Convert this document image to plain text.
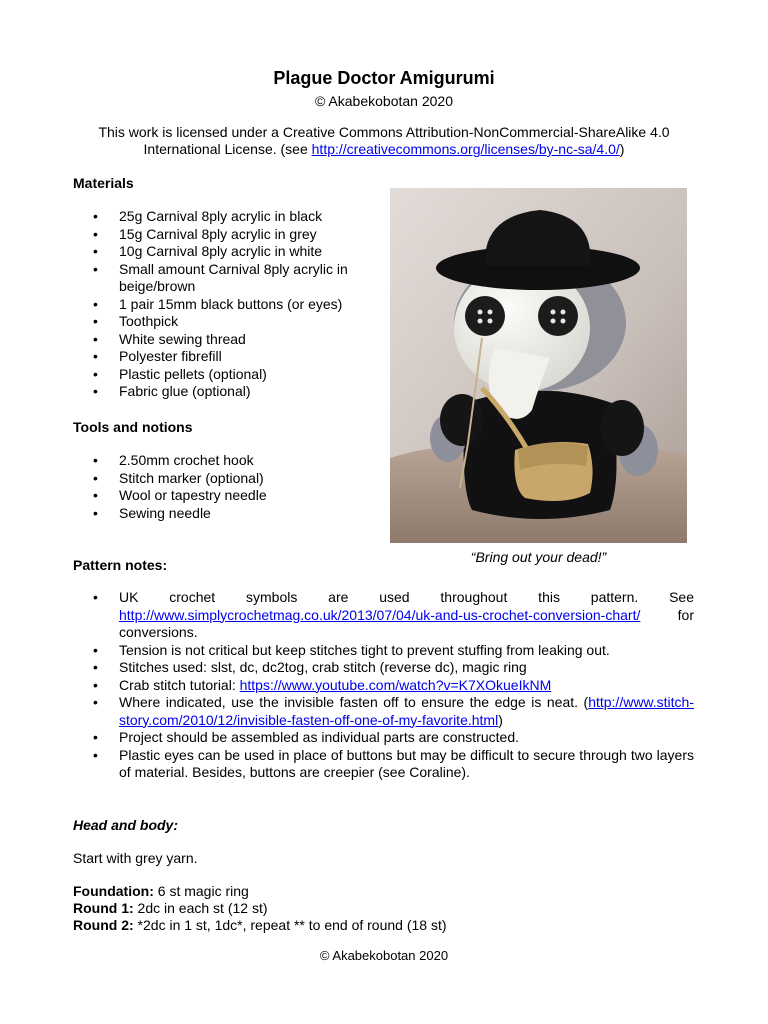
Plague Doctor Amigurumi
© Akabekobotan 2020
This work is licensed under a Creative Commons Attribution-NonCommercial-ShareAlike 4.0 International License. (see http://creativecommons.org/licenses/by-nc-sa/4.0/)
Materials
• 25g Carnival 8ply acrylic in black
• 15g Carnival 8ply acrylic in grey
• 10g Carnival 8ply acrylic in white
• Small amount Carnival 8ply acrylic in beige/brown
• 1 pair 15mm black buttons (or eyes)
• Toothpick
• White sewing thread
• Polyester fibrefill
• Plastic pellets (optional)
• Fabric glue (optional)
Tools and notions
• 2.50mm crochet hook
• Stitch marker (optional)
• Wool or tapestry needle
• Sewing needle
“Bring out your dead!”
Pattern notes:
• UK crochet symbols are used throughout this pattern. See http://www.simplycrochetmag.co.uk/2013/07/04/uk-and-us-crochet-conversion-chart/ for conversions.
• Tension is not critical but keep stitches tight to prevent stuffing from leaking out.
• Stitches used: slst, dc, dc2tog, crab stitch (reverse dc), magic ring
• Crab stitch tutorial: https://www.youtube.com/watch?v=K7XOkueIkNM
• Where indicated, use the invisible fasten off to ensure the edge is neat. (http://www.stitch-story.com/2010/12/invisible-fasten-off-one-of-my-favorite.html)
• Project should be assembled as individual parts are constructed.
• Plastic eyes can be used in place of buttons but may be difficult to secure through two layers of material. Besides, buttons are creepier (see Coraline).
Head and body:
Start with grey yarn.
Foundation: 6 st magic ring
Round 1: 2dc in each st (12 st)
Round 2: *2dc in 1 st, 1dc*, repeat ** to end of round (18 st)
© Akabekobotan 2020
